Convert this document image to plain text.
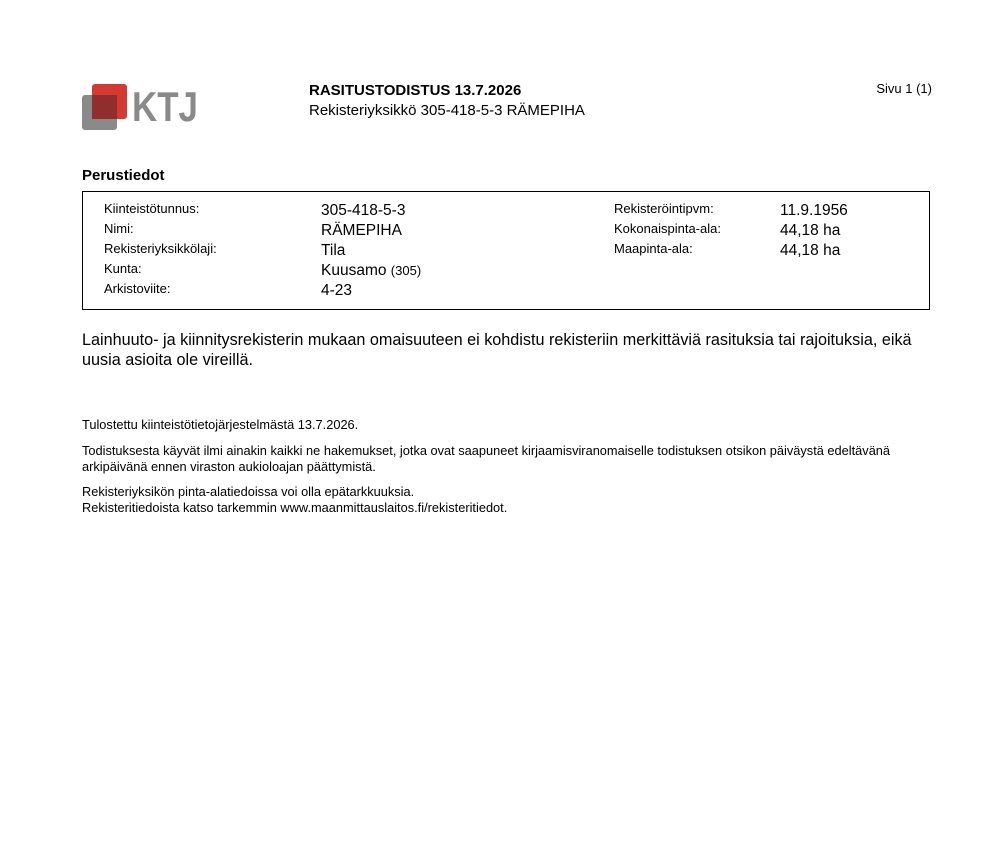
KTJ	RASITUSTODISTUS 13.7.2026
Rekisteriyksikkö 305-418-5-3 RÄMEPIHA
Sivu 1 (1)
Perustiedot
Kiinteistötunnus:	305-418-5-3
Nimi:	RÄMEPIHA
Rekisteriyksikkölaji:	Tila
Kunta:	Kuusamo (305)
Arkistoviite:	4-23
Rekisteröintipvm:	11.9.1956
Kokonaispinta-ala:	44,18 ha
Maapinta-ala:	44,18 ha
Lainhuuto- ja kiinnitysrekisterin mukaan omaisuuteen ei kohdistu rekisteriin merkittäviä rasituksia tai rajoituksia, eikä uusia asioita ole vireillä.
Tulostettu kiinteistötietojärjestelmästä 13.7.2026.
Todistuksesta käyvät ilmi ainakin kaikki ne hakemukset, jotka ovat saapuneet kirjaamisviranomaiselle todistuksen otsikon päiväystä edeltävänä arkipäivänä ennen viraston aukioloajan päättymistä.
Rekisteriyksikön pinta-alatiedoissa voi olla epätarkkuuksia.
Rekisteritiedoista katso tarkemmin www.maanmittauslaitos.fi/rekisteritiedot.
